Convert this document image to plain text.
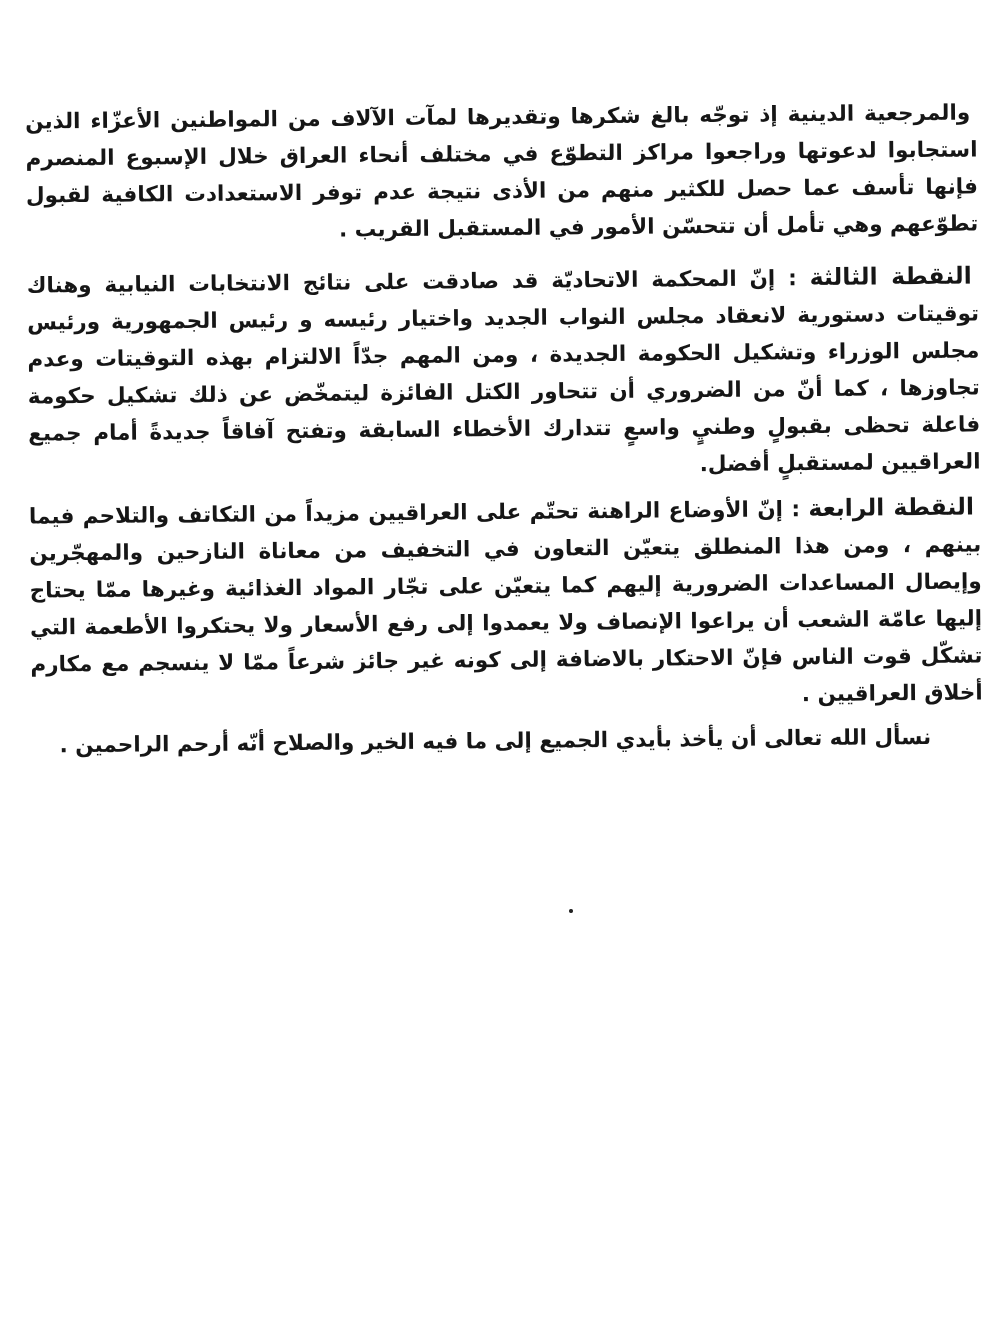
والمرجعية الدينية إذ توجّه بالغ شكرها وتقديرها لمآت الآلاف من المواطنين الأعزّاء الذين استجابوا لدعوتها وراجعوا مراكز التطوّع في مختلف أنحاء العراق خلال الإسبوع المنصرم فإنها تأسف عما حصل للكثير منهم من الأذى نتيجة عدم توفر الاستعدادت الكافية لقبول تطوّعهم وهي تأمل أن تتحسّن الأمور في المستقبل القريب .

النقطة الثالثة : إنّ المحكمة الاتحاديّة قد صادقت على نتائج الانتخابات النيابية وهناك توقيتات دستورية لانعقاد مجلس النواب الجديد واختيار رئيسه و رئيس الجمهورية ورئيس مجلس الوزراء وتشكيل الحكومة الجديدة ، ومن المهم جدّاً الالتزام بهذه التوقيتات وعدم تجاوزها ، كما أنّ من الضروري أن تتحاور الكتل الفائزة ليتمخّض عن ذلك تشكيل حكومة فاعلة تحظى بقبولٍ وطنيٍ واسعٍ تتدارك الأخطاء السابقة وتفتح آفاقاً جديدةً أمام جميع العراقيين لمستقبلٍ أفضل.

النقطة الرابعة : إنّ الأوضاع الراهنة تحتّم على العراقيين مزيداً من التكاتف والتلاحم فيما بينهم ، ومن هذا المنطلق يتعيّن التعاون في التخفيف من معاناة النازحين والمهجّرين وإيصال المساعدات الضرورية إليهم كما يتعيّن على تجّار المواد الغذائية وغيرها ممّا يحتاج إليها عامّة الشعب أن يراعوا الإنصاف ولا يعمدوا إلى رفع الأسعار ولا يحتكروا الأطعمة التي تشكّل قوت الناس فإنّ الاحتكار بالاضافة إلى كونه غير جائز شرعاً ممّا لا ينسجم مع مكارم أخلاق العراقيين .

نسأل الله تعالى أن يأخذ بأيدي الجميع إلى ما فيه الخير والصلاح أنّه أرحم الراحمين .
